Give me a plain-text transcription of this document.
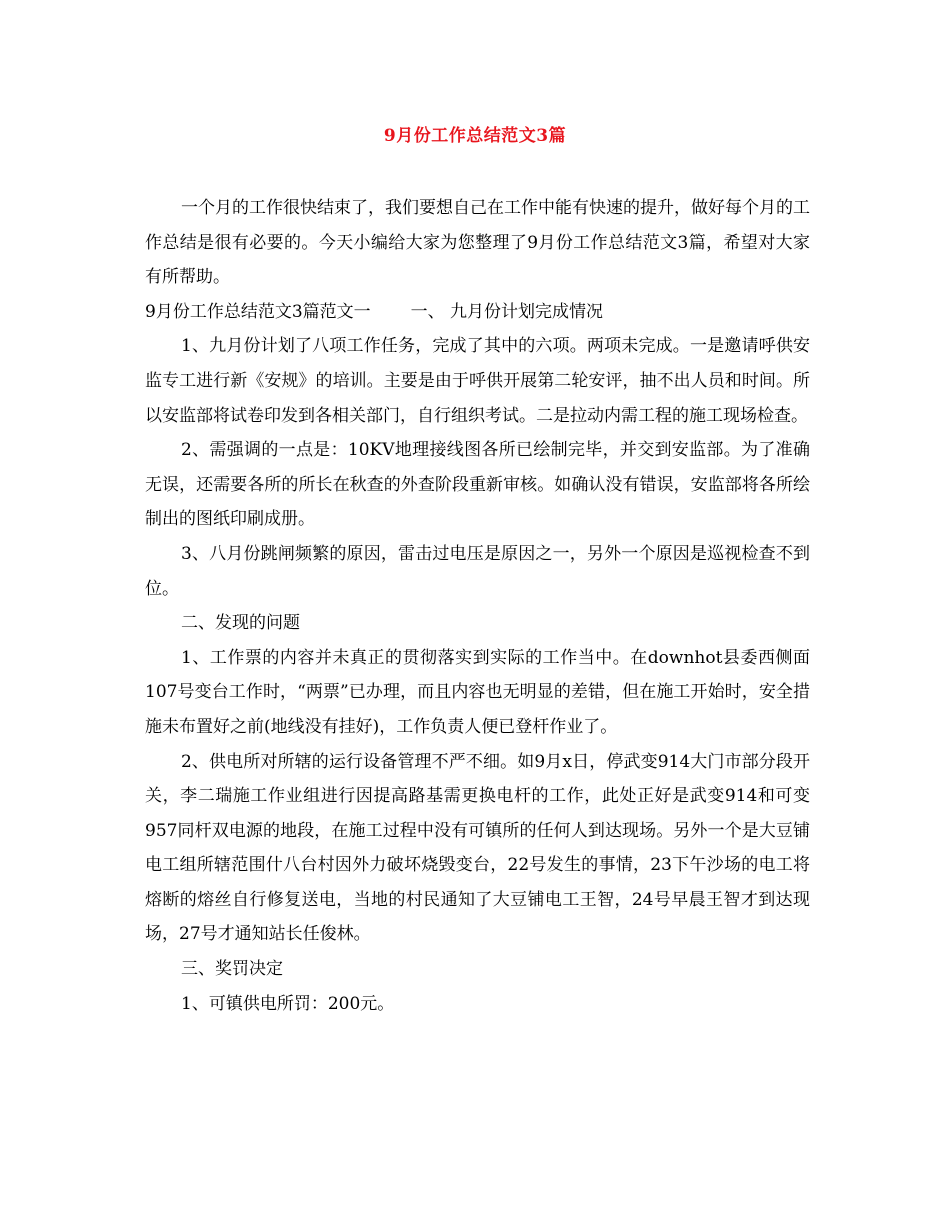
9月份工作总结范文3篇

一个月的工作很快结束了，我们要想自己在工作中能有快速的提升，做好每个月的工作总结是很有必要的。今天小编给大家为您整理了9月份工作总结范文3篇，希望对大家有所帮助。

9月份工作总结范文3篇范文一 一、 九月份计划完成情况

1、九月份计划了八项工作任务，完成了其中的六项。两项未完成。一是邀请呼供安监专工进行新《安规》的培训。主要是由于呼供开展第二轮安评，抽不出人员和时间。所以安监部将试卷印发到各相关部门，自行组织考试。二是拉动内需工程的施工现场检查。

2、需强调的一点是：10KV地理接线图各所已绘制完毕，并交到安监部。为了准确无误，还需要各所的所长在秋查的外查阶段重新审核。如确认没有错误，安监部将各所绘制出的图纸印刷成册。

3、八月份跳闸频繁的原因，雷击过电压是原因之一，另外一个原因是巡视检查不到位。

二、发现的问题

1、工作票的内容并未真正的贯彻落实到实际的工作当中。在downhot县委西侧面107号变台工作时，“两票”已办理，而且内容也无明显的差错，但在施工开始时，安全措施未布置好之前(地线没有挂好)，工作负责人便已登杆作业了。

2、供电所对所辖的运行设备管理不严不细。如9月x日，停武变914大门市部分段开关，李二瑞施工作业组进行因提高路基需更换电杆的工作，此处正好是武变914和可变957同杆双电源的地段，在施工过程中没有可镇所的任何人到达现场。另外一个是大豆铺电工组所辖范围什八台村因外力破坏烧毁变台，22号发生的事情，23下午沙场的电工将熔断的熔丝自行修复送电，当地的村民通知了大豆铺电工王智，24号早晨王智才到达现场，27号才通知站长任俊林。

三、奖罚决定

1、可镇供电所罚：200元。
